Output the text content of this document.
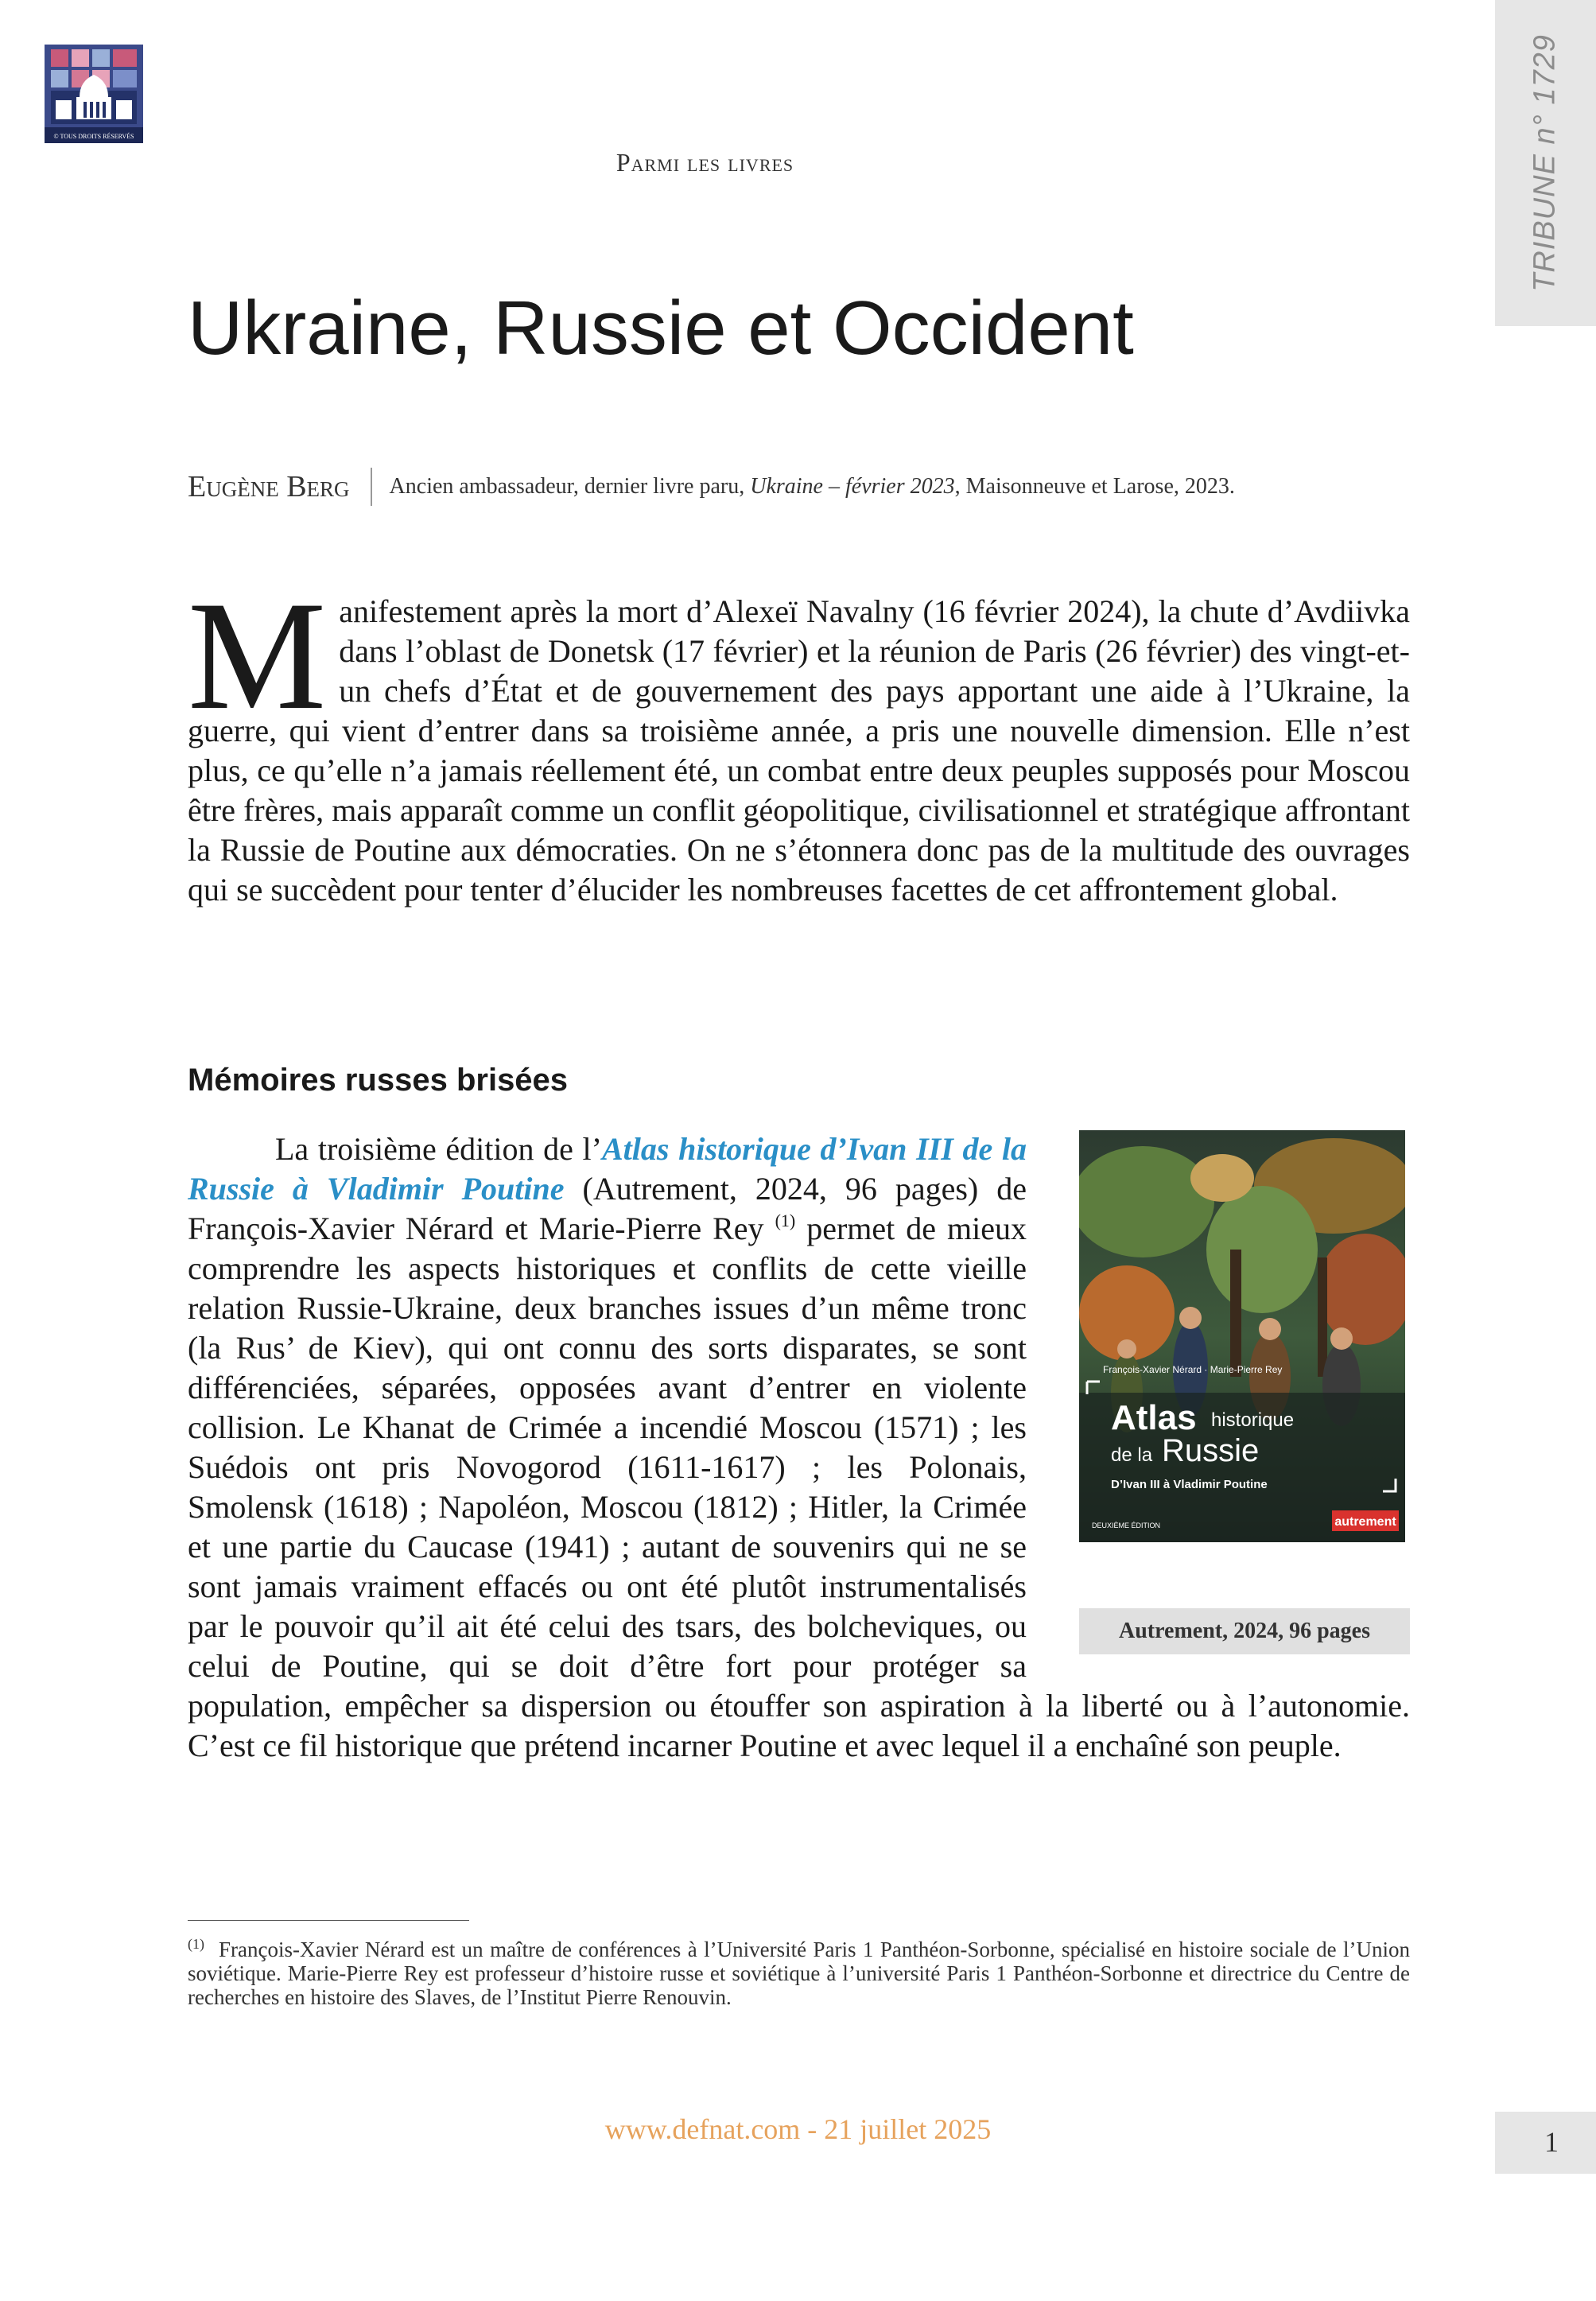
© TOUS DROITS RÉSERVÉS	TRIBUNE n° 1729
Parmi les livres
Ukraine, Russie et Occident
Eugène Berg Ancien ambassadeur, dernier livre paru, Ukraine – février 2023, Maisonneuve et Larose, 2023.
Manifestement après la mort d’Alexeï Navalny (16 février 2024), la chute d’Avdiivka dans l’oblast de Donetsk (17 février) et la réunion de Paris (26 février) des vingt-et-un chefs d’État et de gouvernement des pays apportant une aide à l’Ukraine, la guerre, qui vient d’entrer dans sa troisième année, a pris une nouvelle dimension. Elle n’est plus, ce qu’elle n’a jamais réellement été, un combat entre deux peuples supposés pour Moscou être frères, mais apparaît comme un conflit géopolitique, civilisationnel et stratégique affrontant la Russie de Poutine aux démocraties. On ne s’étonnera donc pas de la multitude des ouvrages qui se succèdent pour tenter d’élucider les nombreuses facettes de cet affrontement global.
Mémoires russes brisées
La troisième édition de l’Atlas historique d’Ivan III de la Russie à Vladimir Poutine (Autrement, 2024, 96 pages) de François-Xavier Nérard et Marie-Pierre Rey $^{(1)}$ permet de mieux comprendre les aspects historiques et conflits de cette vieille relation Russie-Ukraine, deux branches issues d’un même tronc (la Rus’ de Kiev), qui ont connu des sorts disparates, se sont différenciées, séparées, opposées avant d’entrer en violente collision. Le Khanat de Crimée a incendié Moscou (1571) ; les Suédois ont pris Novogorod (1611-1617) ; les Polonais, Smolensk (1618) ; Napoléon, Moscou (1812) ; Hitler, la Crimée et une partie du Caucase (1941) ; autant de souvenirs qui ne se sont jamais vraiment effacés ou ont été plutôt instrumentalisés par le pouvoir qu’il ait été celui des tsars, des bolcheviques, ou celui de Poutine, qui se doit d’être fort pour protéger sa population, empêcher sa dispersion ou étouffer son aspiration à la liberté ou à l’autonomie. C’est ce fil historique que prétend incarner Poutine et avec lequel il a enchaîné son peuple.
François-Xavier Nérard · Marie-Pierre Rey
Atlas historique
de la Russie
D’Ivan III à Vladimir Poutine
DEUXIÈME ÉDITION	autrement
Autrement, 2024, 96 pages
$^{(1)}$ François-Xavier Nérard est un maître de conférences à l’Université Paris 1 Panthéon-Sorbonne, spécialisé en histoire sociale de l’Union soviétique. Marie-Pierre Rey est professeur d’histoire russe et soviétique à l’université Paris 1 Panthéon-Sorbonne et directrice du Centre de recherches en histoire des Slaves, de l’Institut Pierre Renouvin.
www.defnat.com - 21 juillet 2025	1
